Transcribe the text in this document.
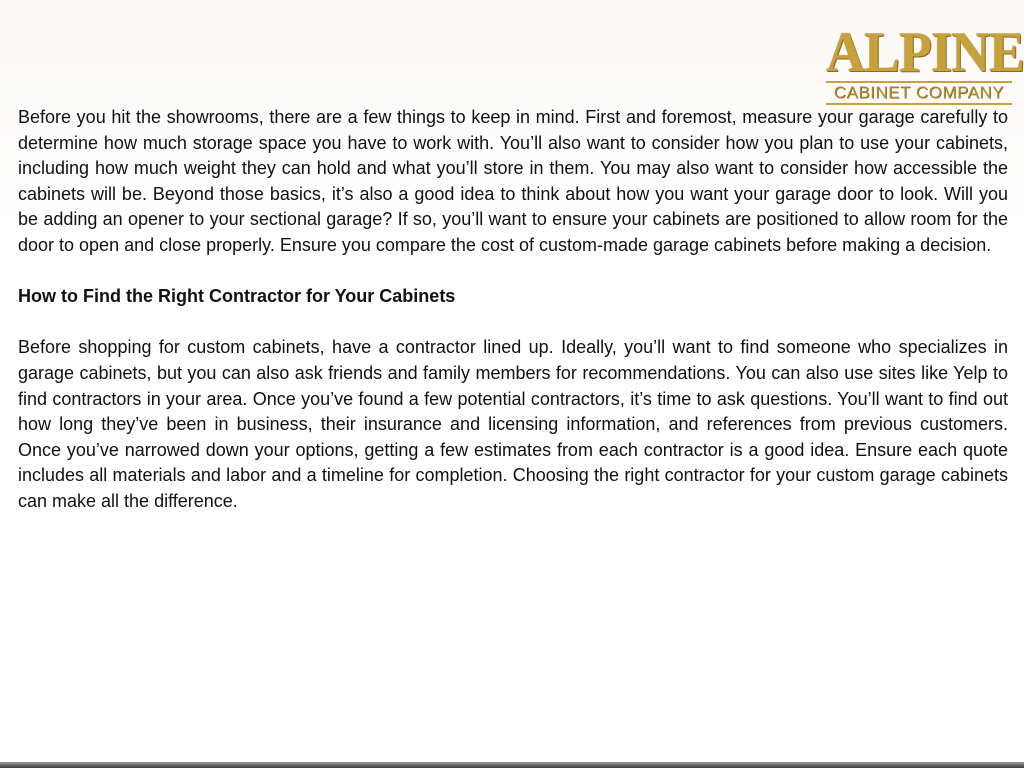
ALPINE
CABINET COMPANY

Before you hit the showrooms, there are a few things to keep in mind. First and foremost, measure your garage carefully to determine how much storage space you have to work with. You’ll also want to consider how you plan to use your cabinets, including how much weight they can hold and what you’ll store in them. You may also want to consider how accessible the cabinets will be. Beyond those basics, it’s also a good idea to think about how you want your garage door to look. Will you be adding an opener to your sectional garage? If so, you’ll want to ensure your cabinets are positioned to allow room for the door to open and close properly. Ensure you compare the cost of custom-made garage cabinets before making a decision.

How to Find the Right Contractor for Your Cabinets

Before shopping for custom cabinets, have a contractor lined up. Ideally, you’ll want to find someone who specializes in garage cabinets, but you can also ask friends and family members for recommendations. You can also use sites like Yelp to find contractors in your area. Once you’ve found a few potential contractors, it’s time to ask questions. You’ll want to find out how long they’ve been in business, their insurance and licensing information, and references from previous customers. Once you’ve narrowed down your options, getting a few estimates from each contractor is a good idea. Ensure each quote includes all materials and labor and a timeline for completion. Choosing the right contractor for your custom garage cabinets can make all the difference.
